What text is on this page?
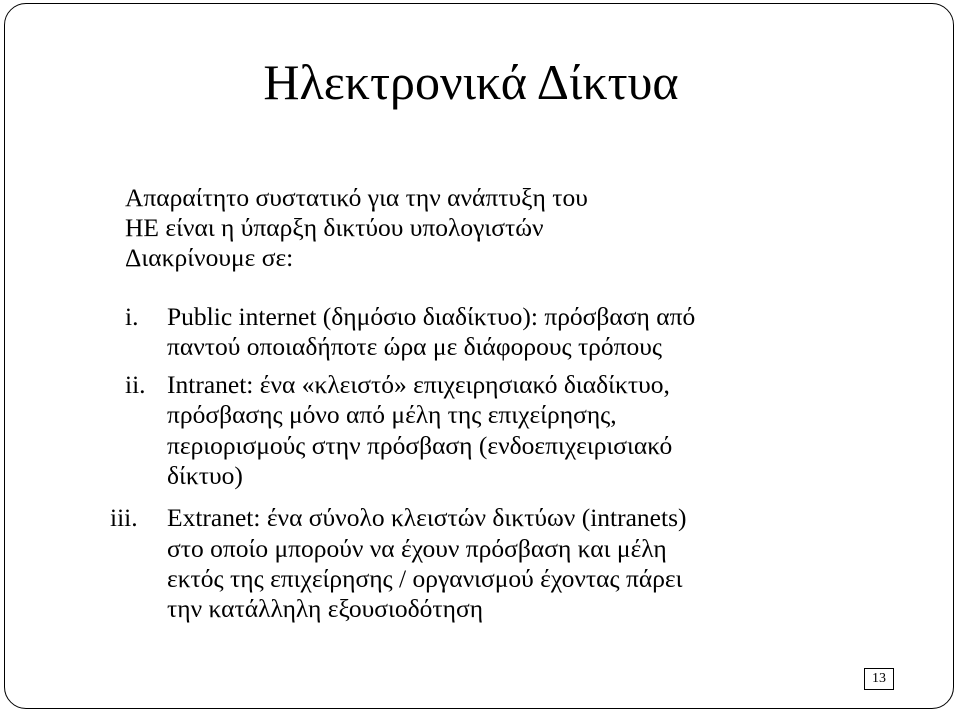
Ηλεκτρονικά Δίκτυα
Απαραίτητο συστατικό για την ανάπτυξη του
ΗΕ είναι η ύπαρξη δικτύου υπολογιστών
Διακρίνουμε σε:
i. Public internet (δημόσιο διαδίκτυο): πρόσβαση από
παντού οποιαδήποτε ώρα με διάφορους τρόπους
ii. Intranet: ένα «κλειστό» επιχειρησιακό διαδίκτυο,
πρόσβασης μόνο από μέλη της επιχείρησης,
περιορισμούς στην πρόσβαση (ενδοεπιχειρισιακό
δίκτυο)
iii. Extranet: ένα σύνολο κλειστών δικτύων (intranets)
στο οποίο μπορούν να έχουν πρόσβαση και μέλη
εκτός της επιχείρησης / οργανισμού έχοντας πάρει
την κατάλληλη εξουσιοδότηση
13
